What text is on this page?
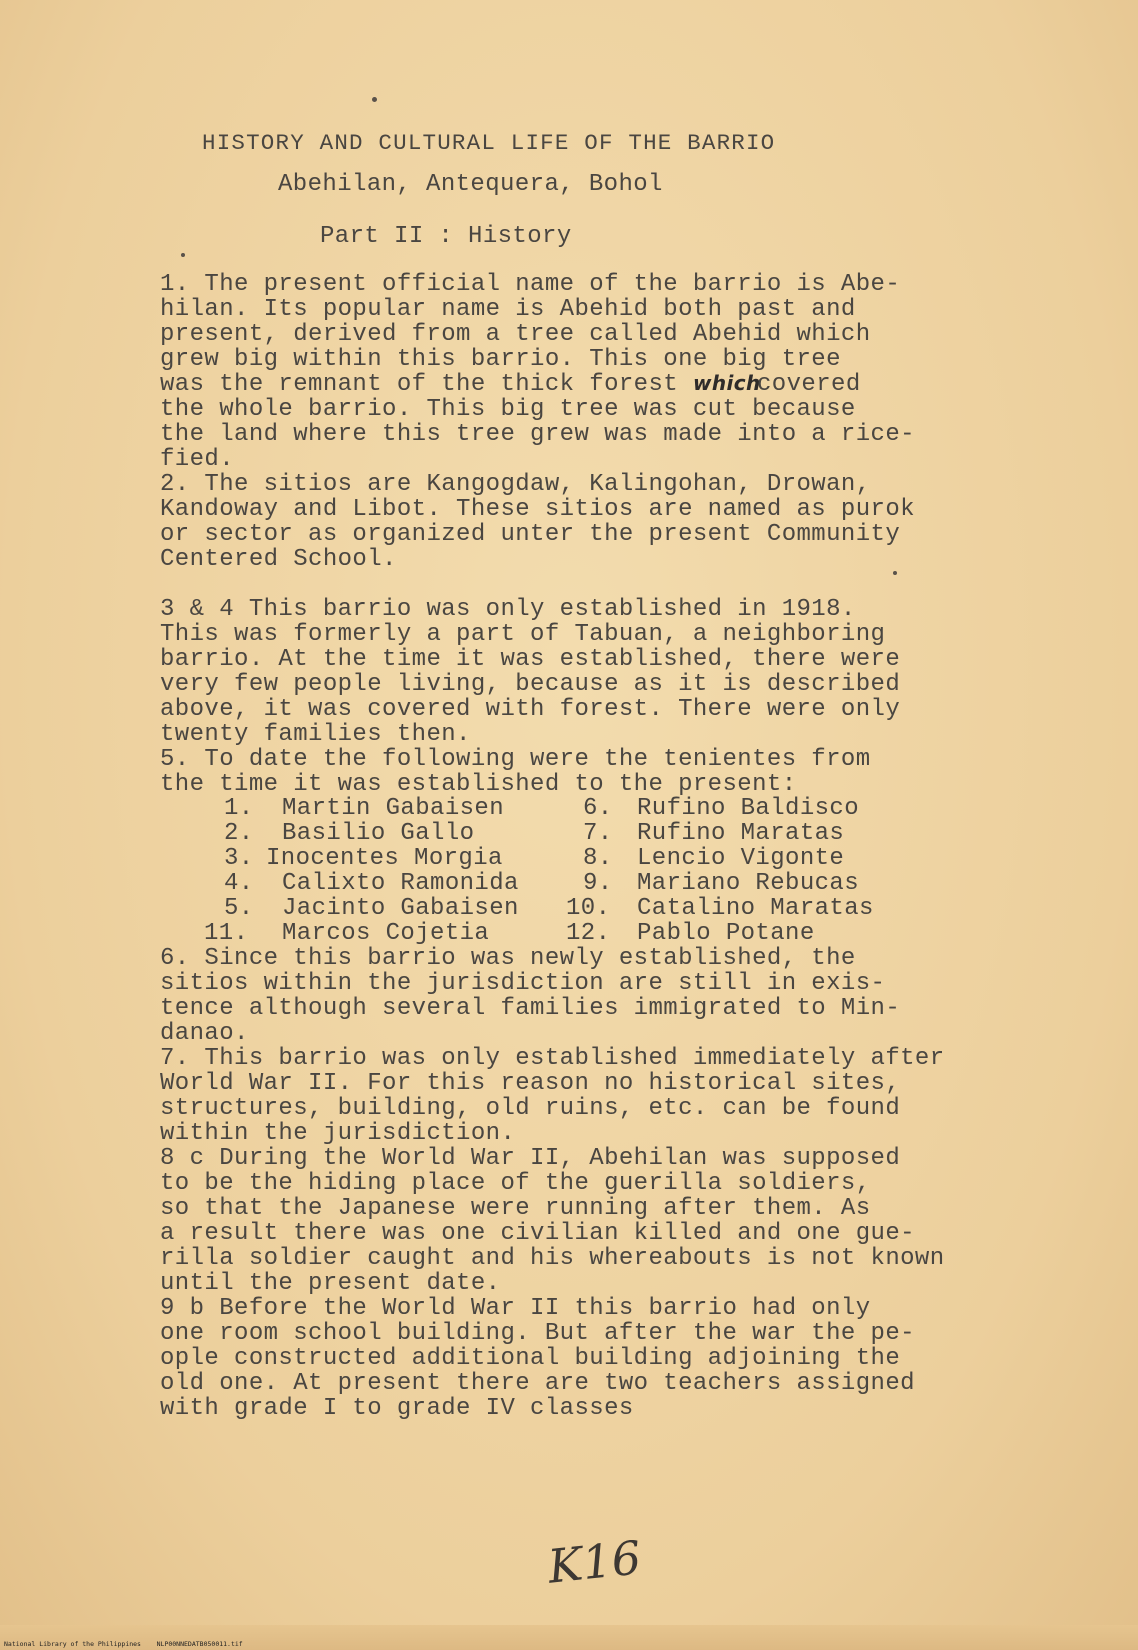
HISTORY AND CULTURAL LIFE OF THE BARRIO
Abehilan, Antequera, Bohol
Part II : History
1. The present official name of the barrio is Abe-
hilan. Its popular name is Abehid both past and
present, derived from a tree called Abehid which
grew big within this barrio. This one big tree
was the remnant of the thick forest which
covered
the whole barrio. This big tree was cut because
the land where this tree grew was made into a rice-
fied.
2. The sitios are Kangogdaw, Kalingohan, Drowan,
Kandoway and Libot. These sitios are named as purok
or sector as organized unter the present Community
Centered School.
3 & 4 This barrio was only established in 1918.
This was formerly a part of Tabuan, a neighboring
barrio. At the time it was established, there were
very few people living, because as it is described
above, it was covered with forest. There were only
twenty families then.
5. To date the following were the tenientes from
the time it was established to the present:
1. Martin Gabaisen
2. Basilio Gallo
3. Inocentes Morgia
4. Calixto Ramonida
5. Jacinto Gabaisen
11. Marcos Cojetia
6. Rufino Baldisco
7. Rufino Maratas
8. Lencio Vigonte
9. Mariano Rebucas
10. Catalino Maratas
12. Pablo Potane
6. Since this barrio was newly established, the
sitios within the jurisdiction are still in exis-
tence although several families immigrated to Min-
danao.
7. This barrio was only established immediately after
World War II. For this reason no historical sites,
structures, building, old ruins, etc. can be found
within the jurisdiction.
8 c During the World War II, Abehilan was supposed
to be the hiding place of the guerilla soldiers,
so that the Japanese were running after them. As
a result there was one civilian killed and one gue-
rilla soldier caught and his whereabouts is not known
until the present date.
9 b Before the World War II this barrio had only
one room school building. But after the war the pe-
ople constructed additional building adjoining the
old one. At present there are two teachers assigned
with grade I to grade IV classes
K16
National Library of the Philippines    NLP00NNEDATB050011.tif
